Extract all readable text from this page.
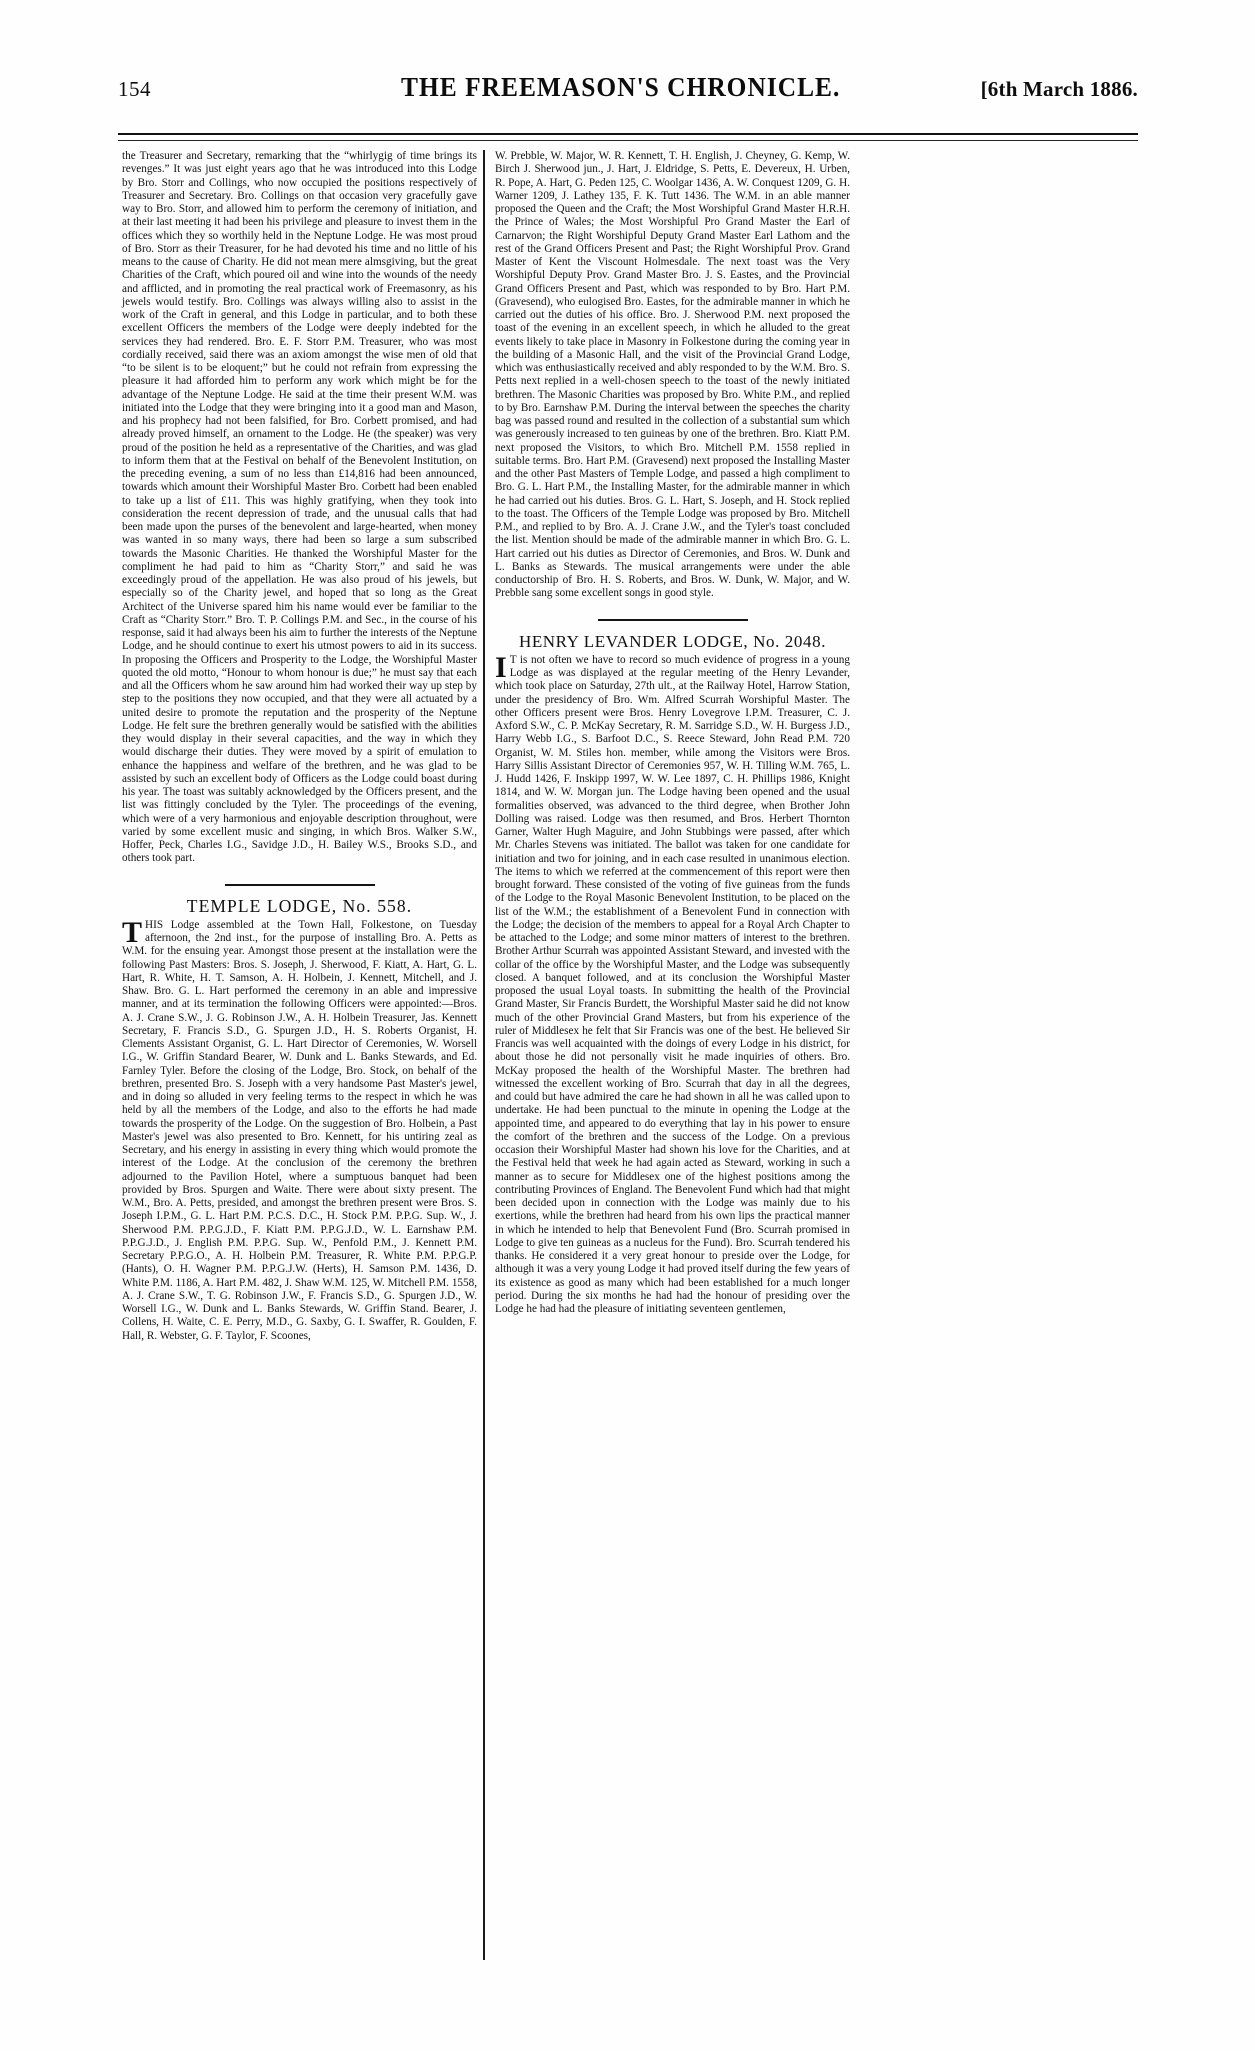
154	THE FREEMASON'S CHRONICLE.	[6th March 1886.

the Treasurer and Secretary, remarking that the “whirlygig of time brings its revenges.” It was just eight years ago that he was introduced into this Lodge by Bro. Storr and Collings, who now occupied the positions respectively of Treasurer and Secretary. Bro. Collings on that occasion very gracefully gave way to Bro. Storr, and allowed him to perform the ceremony of initiation, and at their last meeting it had been his privilege and pleasure to invest them in the offices which they so worthily held in the Neptune Lodge. He was most proud of Bro. Storr as their Treasurer, for he had devoted his time and no little of his means to the cause of Charity. He did not mean mere almsgiving, but the great Charities of the Craft, which poured oil and wine into the wounds of the needy and afflicted, and in promoting the real practical work of Freemasonry, as his jewels would testify. Bro. Collings was always willing also to assist in the work of the Craft in general, and this Lodge in particular, and to both these excellent Officers the members of the Lodge were deeply indebted for the services they had rendered. Bro. E. F. Storr P.M. Treasurer, who was most cordially received, said there was an axiom amongst the wise men of old that “to be silent is to be eloquent;” but he could not refrain from expressing the pleasure it had afforded him to perform any work which might be for the advantage of the Neptune Lodge. He said at the time their present W.M. was initiated into the Lodge that they were bringing into it a good man and Mason, and his prophecy had not been falsified, for Bro. Corbett promised, and had already proved himself, an ornament to the Lodge. He (the speaker) was very proud of the position he held as a representative of the Charities, and was glad to inform them that at the Festival on behalf of the Benevolent Institution, on the preceding evening, a sum of no less than £14,816 had been announced, towards which amount their Worshipful Master Bro. Corbett had been enabled to take up a list of £11. This was highly gratifying, when they took into consideration the recent depression of trade, and the unusual calls that had been made upon the purses of the benevolent and large-hearted, when money was wanted in so many ways, there had been so large a sum subscribed towards the Masonic Charities. He thanked the Worshipful Master for the compliment he had paid to him as “Charity Storr,” and said he was exceedingly proud of the appellation. He was also proud of his jewels, but especially so of the Charity jewel, and hoped that so long as the Great Architect of the Universe spared him his name would ever be familiar to the Craft as “Charity Storr.” Bro. T. P. Collings P.M. and Sec., in the course of his response, said it had always been his aim to further the interests of the Neptune Lodge, and he should continue to exert his utmost powers to aid in its success. In proposing the Officers and Prosperity to the Lodge, the Worshipful Master quoted the old motto, “Honour to whom honour is due;” he must say that each and all the Officers whom he saw around him had worked their way up step by step to the positions they now occupied, and that they were all actuated by a united desire to promote the reputation and the prosperity of the Neptune Lodge. He felt sure the brethren generally would be satisfied with the abilities they would display in their several capacities, and the way in which they would discharge their duties. They were moved by a spirit of emulation to enhance the happiness and welfare of the brethren, and he was glad to be assisted by such an excellent body of Officers as the Lodge could boast during his year. The toast was suitably acknowledged by the Officers present, and the list was fittingly concluded by the Tyler. The proceedings of the evening, which were of a very harmonious and enjoyable description throughout, were varied by some excellent music and singing, in which Bros. Walker S.W., Hoffer, Peck, Charles I.G., Savidge J.D., H. Bailey W.S., Brooks S.D., and others took part.

TEMPLE LODGE, No. 558.

THIS Lodge assembled at the Town Hall, Folkestone, on Tuesday afternoon, the 2nd inst., for the purpose of installing Bro. A. Petts as W.M. for the ensuing year. Amongst those present at the installation were the following Past Masters: Bros. S. Joseph, J. Sherwood, F. Kiatt, A. Hart, G. L. Hart, R. White, H. T. Samson, A. H. Holbein, J. Kennett, Mitchell, and J. Shaw. Bro. G. L. Hart performed the ceremony in an able and impressive manner, and at its termination the following Officers were appointed:—Bros. A. J. Crane S.W., J. G. Robinson J.W., A. H. Holbein Treasurer, Jas. Kennett Secretary, F. Francis S.D., G. Spurgen J.D., H. S. Roberts Organist, H. Clements Assistant Organist, G. L. Hart Director of Ceremonies, W. Worsell I.G., W. Griffin Standard Bearer, W. Dunk and L. Banks Stewards, and Ed. Farnley Tyler. Before the closing of the Lodge, Bro. Stock, on behalf of the brethren, presented Bro. S. Joseph with a very handsome Past Master's jewel, and in doing so alluded in very feeling terms to the respect in which he was held by all the members of the Lodge, and also to the efforts he had made towards the prosperity of the Lodge. On the suggestion of Bro. Holbein, a Past Master's jewel was also presented to Bro. Kennett, for his untiring zeal as Secretary, and his energy in assisting in every thing which would promote the interest of the Lodge. At the conclusion of the ceremony the brethren adjourned to the Pavilion Hotel, where a sumptuous banquet had been provided by Bros. Spurgen and Waite. There were about sixty present. The W.M., Bro. A. Petts, presided, and amongst the brethren present were Bros. S. Joseph I.P.M., G. L. Hart P.M. P.C.S. D.C., H. Stock P.M. P.P.G. Sup. W., J. Sherwood P.M. P.P.G.J.D., F. Kiatt P.M. P.P.G.J.D., W. L. Earnshaw P.M. P.P.G.J.D., J. English P.M. P.P.G. Sup. W., Penfold P.M., J. Kennett P.M. Secretary P.P.G.O., A. H. Holbein P.M. Treasurer, R. White P.M. P.P.G.P. (Hants), O. H. Wagner P.M. P.P.G.J.W. (Herts), H. Samson P.M. 1436, D. White P.M. 1186, A. Hart P.M. 482, J. Shaw W.M. 125, W. Mitchell P.M. 1558, A. J. Crane S.W., T. G. Robinson J.W., F. Francis S.D., G. Spurgen J.D., W. Worsell I.G., W. Dunk and L. Banks Stewards, W. Griffin Stand. Bearer, J. Collens, H. Waite, C. E. Perry, M.D., G. Saxby, G. I. Swaffer, R. Goulden, F. Hall, R. Webster, G. F. Taylor, F. Scoones,

W. Prebble, W. Major, W. R. Kennett, T. H. English, J. Cheyney, G. Kemp, W. Birch J. Sherwood jun., J. Hart, J. Eldridge, S. Petts, E. Devereux, H. Urben, R. Pope, A. Hart, G. Peden 125, C. Woolgar 1436, A. W. Conquest 1209, G. H. Warner 1209, J. Lathey 135, F. K. Tutt 1436. The W.M. in an able manner proposed the Queen and the Craft; the Most Worshipful Grand Master H.R.H. the Prince of Wales; the Most Worshipful Pro Grand Master the Earl of Carnarvon; the Right Worshipful Deputy Grand Master Earl Lathom and the rest of the Grand Officers Present and Past; the Right Worshipful Prov. Grand Master of Kent the Viscount Holmesdale. The next toast was the Very Worshipful Deputy Prov. Grand Master Bro. J. S. Eastes, and the Provincial Grand Officers Present and Past, which was responded to by Bro. Hart P.M. (Gravesend), who eulogised Bro. Eastes, for the admirable manner in which he carried out the duties of his office. Bro. J. Sherwood P.M. next proposed the toast of the evening in an excellent speech, in which he alluded to the great events likely to take place in Masonry in Folkestone during the coming year in the building of a Masonic Hall, and the visit of the Provincial Grand Lodge, which was enthusiastically received and ably responded to by the W.M. Bro. S. Petts next replied in a well-chosen speech to the toast of the newly initiated brethren. The Masonic Charities was proposed by Bro. White P.M., and replied to by Bro. Earnshaw P.M. During the interval between the speeches the charity bag was passed round and resulted in the collection of a substantial sum which was generously increased to ten guineas by one of the brethren. Bro. Kiatt P.M. next proposed the Visitors, to which Bro. Mitchell P.M. 1558 replied in suitable terms. Bro. Hart P.M. (Gravesend) next proposed the Installing Master and the other Past Masters of Temple Lodge, and passed a high compliment to Bro. G. L. Hart P.M., the Installing Master, for the admirable manner in which he had carried out his duties. Bros. G. L. Hart, S. Joseph, and H. Stock replied to the toast. The Officers of the Temple Lodge was proposed by Bro. Mitchell P.M., and replied to by Bro. A. J. Crane J.W., and the Tyler's toast concluded the list. Mention should be made of the admirable manner in which Bro. G. L. Hart carried out his duties as Director of Ceremonies, and Bros. W. Dunk and L. Banks as Stewards. The musical arrangements were under the able conductorship of Bro. H. S. Roberts, and Bros. W. Dunk, W. Major, and W. Prebble sang some excellent songs in good style.

HENRY LEVANDER LODGE, No. 2048.

IT is not often we have to record so much evidence of progress in a young Lodge as was displayed at the regular meeting of the Henry Levander, which took place on Saturday, 27th ult., at the Railway Hotel, Harrow Station, under the presidency of Bro. Wm. Alfred Scurrah Worshipful Master. The other Officers present were Bros. Henry Lovegrove I.P.M. Treasurer, C. J. Axford S.W., C. P. McKay Secretary, R. M. Sarridge S.D., W. H. Burgess J.D., Harry Webb I.G., S. Barfoot D.C., S. Reece Steward, John Read P.M. 720 Organist, W. M. Stiles hon. member, while among the Visitors were Bros. Harry Sillis Assistant Director of Ceremonies 957, W. H. Tilling W.M. 765, L. J. Hudd 1426, F. Inskipp 1997, W. W. Lee 1897, C. H. Phillips 1986, Knight 1814, and W. W. Morgan jun. The Lodge having been opened and the usual formalities observed, was advanced to the third degree, when Brother John Dolling was raised. Lodge was then resumed, and Bros. Herbert Thornton Garner, Walter Hugh Maguire, and John Stubbings were passed, after which Mr. Charles Stevens was initiated. The ballot was taken for one candidate for initiation and two for joining, and in each case resulted in unanimous election. The items to which we referred at the commencement of this report were then brought forward. These consisted of the voting of five guineas from the funds of the Lodge to the Royal Masonic Benevolent Institution, to be placed on the list of the W.M.; the establishment of a Benevolent Fund in connection with the Lodge; the decision of the members to appeal for a Royal Arch Chapter to be attached to the Lodge; and some minor matters of interest to the brethren. Brother Arthur Scurrah was appointed Assistant Steward, and invested with the collar of the office by the Worshipful Master, and the Lodge was subsequently closed. A banquet followed, and at its conclusion the Worshipful Master proposed the usual Loyal toasts. In submitting the health of the Provincial Grand Master, Sir Francis Burdett, the Worshipful Master said he did not know much of the other Provincial Grand Masters, but from his experience of the ruler of Middlesex he felt that Sir Francis was one of the best. He believed Sir Francis was well acquainted with the doings of every Lodge in his district, for about those he did not personally visit he made inquiries of others. Bro. McKay proposed the health of the Worshipful Master. The brethren had witnessed the excellent working of Bro. Scurrah that day in all the degrees, and could but have admired the care he had shown in all he was called upon to undertake. He had been punctual to the minute in opening the Lodge at the appointed time, and appeared to do everything that lay in his power to ensure the comfort of the brethren and the success of the Lodge. On a previous occasion their Worshipful Master had shown his love for the Charities, and at the Festival held that week he had again acted as Steward, working in such a manner as to secure for Middlesex one of the highest positions among the contributing Provinces of England. The Benevolent Fund which had that might been decided upon in connection with the Lodge was mainly due to his exertions, while the brethren had heard from his own lips the practical manner in which he intended to help that Benevolent Fund (Bro. Scurrah promised in Lodge to give ten guineas as a nucleus for the Fund). Bro. Scurrah tendered his thanks. He considered it a very great honour to preside over the Lodge, for although it was a very young Lodge it had proved itself during the few years of its existence as good as many which had been established for a much longer period. During the six months he had had the honour of presiding over the Lodge he had had the pleasure of initiating seventeen gentlemen,
